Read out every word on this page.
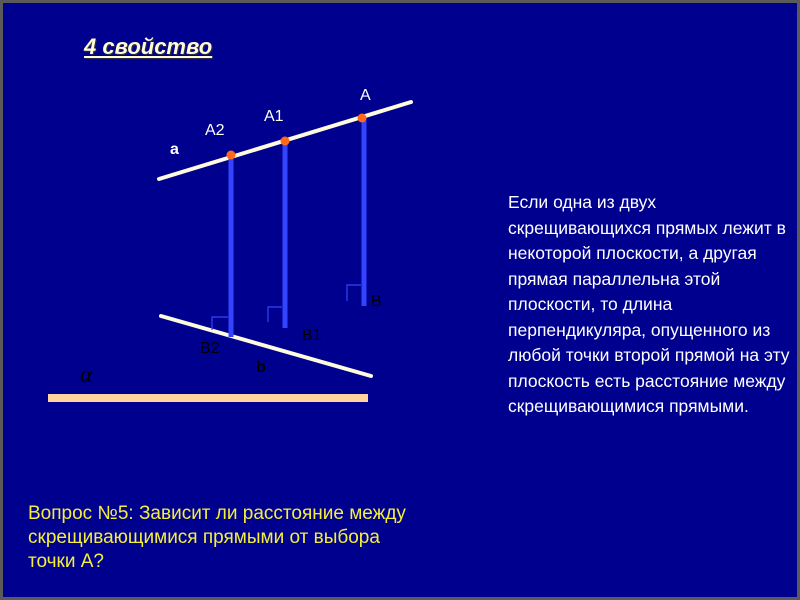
4 свойство
A
A1
A2
a
B
B1
B2
b
α
Если одна из двух скрещивающихся прямых лежит в некоторой плоскости, а другая прямая параллельна этой плоскости, то длина перпендикуляра, опущенного из любой точки второй прямой на эту плоскость есть расстояние между скрещивающимися прямыми.
Вопрос №5: Зависит ли расстояние между скрещивающимися прямыми от выбора точки А?
